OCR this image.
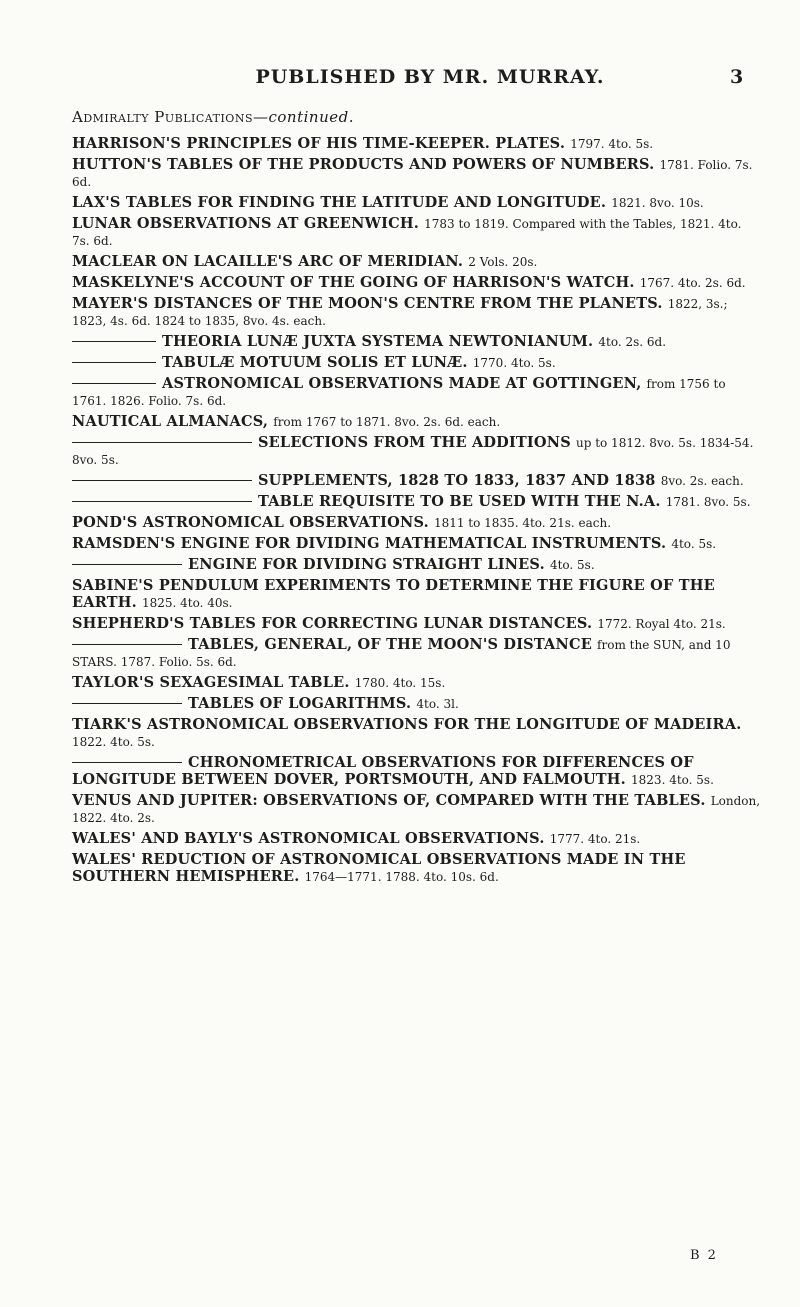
PUBLISHED BY MR. MURRAY.	3
Admiralty Publications—continued.
HARRISON'S PRINCIPLES OF HIS TIME-KEEPER. PLATES. 1797. 4to. 5s.
HUTTON'S TABLES OF THE PRODUCTS AND POWERS OF NUMBERS. 1781. Folio. 7s. 6d.
LAX'S TABLES FOR FINDING THE LATITUDE AND LONGITUDE. 1821. 8vo. 10s.
LUNAR OBSERVATIONS AT GREENWICH. 1783 to 1819. Compared with the Tables, 1821. 4to. 7s. 6d.
MACLEAR ON LACAILLE'S ARC OF MERIDIAN. 2 Vols. 20s.
MASKELYNE'S ACCOUNT OF THE GOING OF HARRISON'S WATCH. 1767. 4to. 2s. 6d.
MAYER'S DISTANCES OF THE MOON'S CENTRE FROM THE PLANETS. 1822, 3s.; 1823, 4s. 6d. 1824 to 1835, 8vo. 4s. each.
THEORIA LUNÆ JUXTA SYSTEMA NEWTONIANUM. 4to. 2s. 6d.
TABULÆ MOTUUM SOLIS ET LUNÆ. 1770. 4to. 5s.
ASTRONOMICAL OBSERVATIONS MADE AT GOTTINGEN, from 1756 to 1761. 1826. Folio. 7s. 6d.
NAUTICAL ALMANACS, from 1767 to 1871. 8vo. 2s. 6d. each.
SELECTIONS FROM THE ADDITIONS up to 1812. 8vo. 5s. 1834-54. 8vo. 5s.
SUPPLEMENTS, 1828 TO 1833, 1837 AND 1838 8vo. 2s. each.
TABLE REQUISITE TO BE USED WITH THE N.A. 1781. 8vo. 5s.
POND'S ASTRONOMICAL OBSERVATIONS. 1811 to 1835. 4to. 21s. each.
RAMSDEN'S ENGINE FOR DIVIDING MATHEMATICAL INSTRUMENTS. 4to. 5s.
ENGINE FOR DIVIDING STRAIGHT LINES. 4to. 5s.
SABINE'S PENDULUM EXPERIMENTS TO DETERMINE THE FIGURE OF THE EARTH. 1825. 4to. 40s.
SHEPHERD'S TABLES FOR CORRECTING LUNAR DISTANCES. 1772. Royal 4to. 21s.
TABLES, GENERAL, OF THE MOON'S DISTANCE from the SUN, and 10 STARS. 1787. Folio. 5s. 6d.
TAYLOR'S SEXAGESIMAL TABLE. 1780. 4to. 15s.
TABLES OF LOGARITHMS. 4to. 3l.
TIARK'S ASTRONOMICAL OBSERVATIONS FOR THE LONGITUDE OF MADEIRA. 1822. 4to. 5s.
CHRONOMETRICAL OBSERVATIONS FOR DIFFERENCES OF LONGITUDE BETWEEN DOVER, PORTSMOUTH, AND FALMOUTH. 1823. 4to. 5s.
VENUS AND JUPITER: OBSERVATIONS OF, COMPARED WITH THE TABLES. London, 1822. 4to. 2s.
WALES' AND BAYLY'S ASTRONOMICAL OBSERVATIONS. 1777. 4to. 21s.
WALES' REDUCTION OF ASTRONOMICAL OBSERVATIONS MADE IN THE SOUTHERN HEMISPHERE. 1764—1771. 1788. 4to. 10s. 6d.
B 2
